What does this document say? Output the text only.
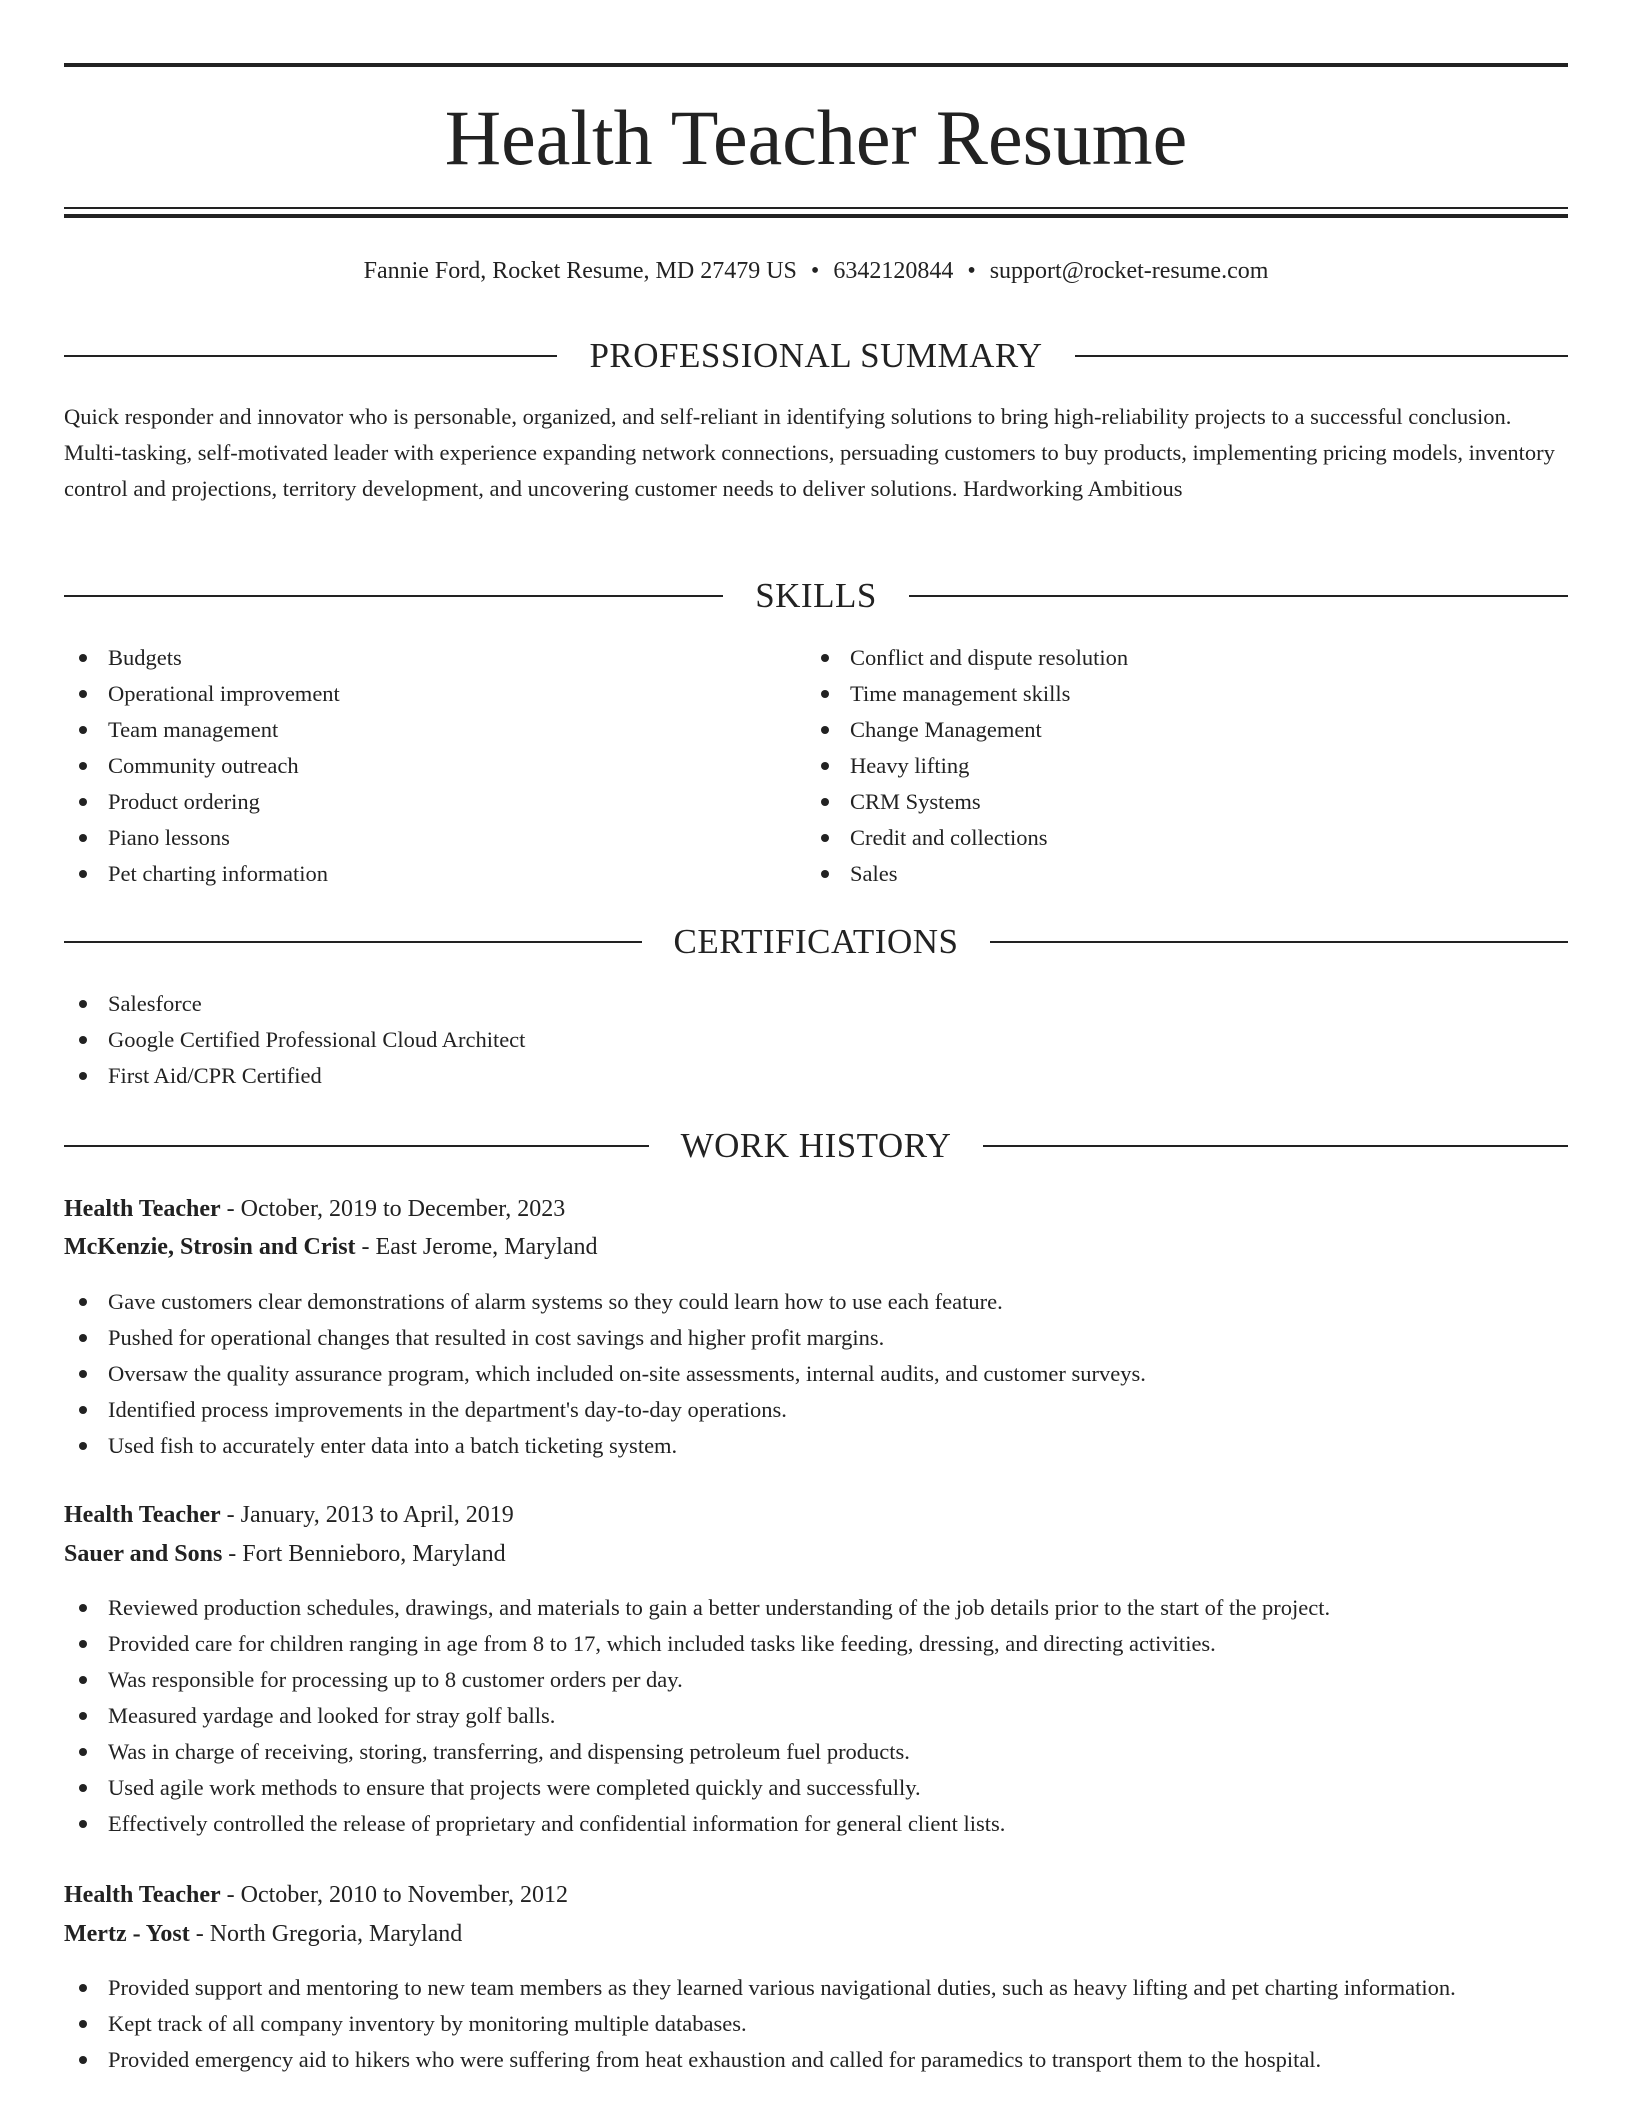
Health Teacher Resume
Fannie Ford, Rocket Resume, MD 27479 US • 6342120844 • support@rocket-resume.com
PROFESSIONAL SUMMARY
Quick responder and innovator who is personable, organized, and self-reliant in identifying solutions to bring high-reliability projects to a successful conclusion. Multi-tasking, self-motivated leader with experience expanding network connections, persuading customers to buy products, implementing pricing models, inventory control and projections, territory development, and uncovering customer needs to deliver solutions. Hardworking Ambitious
SKILLS
Budgets
Operational improvement
Team management
Community outreach
Product ordering
Piano lessons
Pet charting information
Conflict and dispute resolution
Time management skills
Change Management
Heavy lifting
CRM Systems
Credit and collections
Sales
CERTIFICATIONS
Salesforce
Google Certified Professional Cloud Architect
First Aid/CPR Certified
WORK HISTORY
Health Teacher - October, 2019 to December, 2023
McKenzie, Strosin and Crist - East Jerome, Maryland
Gave customers clear demonstrations of alarm systems so they could learn how to use each feature.
Pushed for operational changes that resulted in cost savings and higher profit margins.
Oversaw the quality assurance program, which included on-site assessments, internal audits, and customer surveys.
Identified process improvements in the department's day-to-day operations.
Used fish to accurately enter data into a batch ticketing system.
Health Teacher - January, 2013 to April, 2019
Sauer and Sons - Fort Bennieboro, Maryland
Reviewed production schedules, drawings, and materials to gain a better understanding of the job details prior to the start of the project.
Provided care for children ranging in age from 8 to 17, which included tasks like feeding, dressing, and directing activities.
Was responsible for processing up to 8 customer orders per day.
Measured yardage and looked for stray golf balls.
Was in charge of receiving, storing, transferring, and dispensing petroleum fuel products.
Used agile work methods to ensure that projects were completed quickly and successfully.
Effectively controlled the release of proprietary and confidential information for general client lists.
Health Teacher - October, 2010 to November, 2012
Mertz - Yost - North Gregoria, Maryland
Provided support and mentoring to new team members as they learned various navigational duties, such as heavy lifting and pet charting information.
Kept track of all company inventory by monitoring multiple databases.
Provided emergency aid to hikers who were suffering from heat exhaustion and called for paramedics to transport them to the hospital.
